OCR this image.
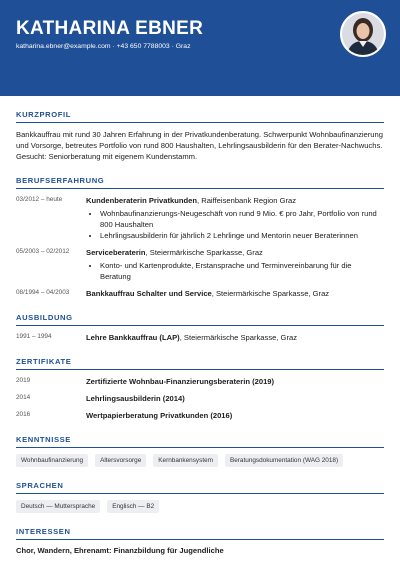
KATHARINA EBNER
katharina.ebner@example.com · +43 650 7788003 · Graz
KURZPROFIL
Bankkauffrau mit rund 30 Jahren Erfahrung in der Privatkundenberatung. Schwerpunkt Wohnbaufinanzierung und Vorsorge, betreutes Portfolio von rund 800 Haushalten, Lehrlingsausbilderin für den Berater-Nachwuchs. Gesucht: Seniorberatung mit eigenem Kundenstamm.
BERUFSERFAHRUNG
03/2012 – heute	Kundenberaterin Privatkunden, Raiffeisenbank Region Graz
• Wohnbaufinanzierungs-Neugeschäft von rund 9 Mio. € pro Jahr, Portfolio von rund 800 Haushalten
• Lehrlingsausbilderin für jährlich 2 Lehrlinge und Mentorin neuer Beraterinnen
05/2003 – 02/2012	Serviceberaterin, Steiermärkische Sparkasse, Graz
• Konto- und Kartenprodukte, Erstansprache und Terminvereinbarung für die Beratung
08/1994 – 04/2003	Bankkauffrau Schalter und Service, Steiermärkische Sparkasse, Graz
AUSBILDUNG
1991 – 1994	Lehre Bankkauffrau (LAP), Steiermärkische Sparkasse, Graz
ZERTIFIKATE
2019	Zertifizierte Wohnbau-Finanzierungsberaterin (2019)
2014	Lehrlingsausbilderin (2014)
2016	Wertpapierberatung Privatkunden (2016)
KENNTNISSE
Wohnbaufinanzierung	Altersvorsorge	Kernbankensystem	Beratungsdokumentation (WAG 2018)
SPRACHEN
Deutsch — Muttersprache	Englisch — B2
INTERESSEN
Chor, Wandern, Ehrenamt: Finanzbildung für Jugendliche
